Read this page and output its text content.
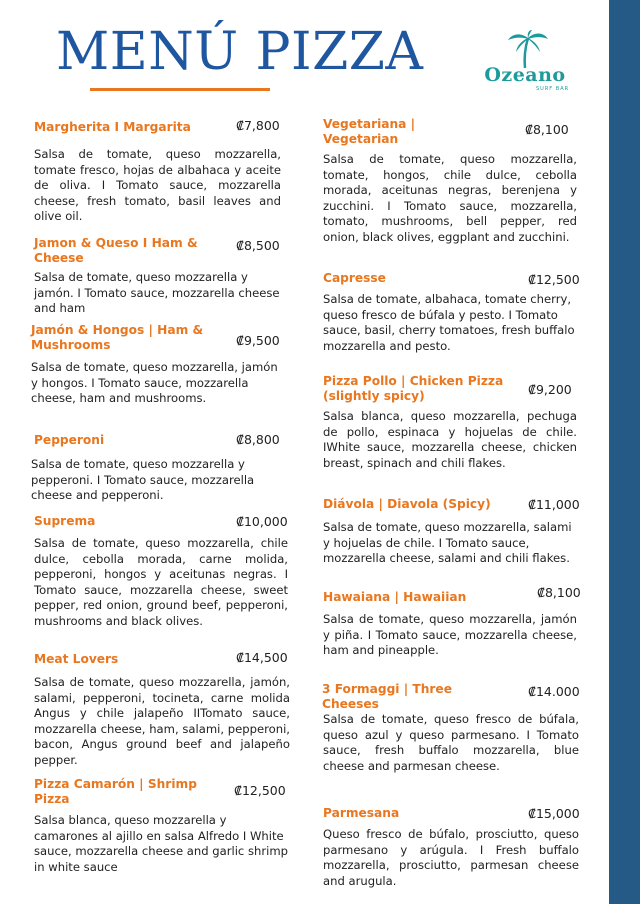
MENÚ PIZZA	Ozeano
SURF BAR
Margherita I Margarita	₡7,800

Salsa de tomate, queso mozzarella, tomate fresco, hojas de albahaca y aceite de oliva. I Tomato sauce, mozzarella cheese, fresh tomato, basil leaves and olive oil.

Jamon & Queso I Ham & Cheese
₡8,500

Salsa de tomate, queso mozzarella y jamón. I Tomato sauce, mozzarella cheese and ham

Jamón & Hongos | Ham & Mushrooms	₡9,500

Salsa de tomate, queso mozzarella, jamón y hongos. I Tomato sauce, mozzarella cheese, ham and mushrooms.

Pepperoni	₡8,800

Salsa de tomate, queso mozzarella y pepperoni. I Tomato sauce, mozzarella cheese and pepperoni.

Suprema	₡10,000

Salsa de tomate, queso mozzarella, chile dulce, cebolla morada, carne molida, pepperoni, hongos y aceitunas negras. I Tomato sauce, mozzarella cheese, sweet pepper, red onion, ground beef, pepperoni, mushrooms and black olives.

Meat Lovers	₡14,500

Salsa de tomate, queso mozzarella, jamón, salami, pepperoni, tocineta, carne molida Angus y chile jalapeño IITomato sauce, mozzarella cheese, ham, salami, pepperoni, bacon, Angus ground beef and jalapeño pepper.

Pizza Camarón | Shrimp Pizza
₡12,500

Salsa blanca, queso mozzarella y camarones al ajillo en salsa Alfredo I White sauce, mozzarella cheese and garlic shrimp in white sauce

Vegetariana | Vegetarian
₡8,100

Salsa de tomate, queso mozzarella, tomate, hongos, chile dulce, cebolla morada, aceitunas negras, berenjena y zucchini. I Tomato sauce, mozzarella, tomato, mushrooms, bell pepper, red onion, black olives, eggplant and zucchini.

Capresse	₡12,500

Salsa de tomate, albahaca, tomate cherry, queso fresco de búfala y pesto. I Tomato sauce, basil, cherry tomatoes, fresh buffalo mozzarella and pesto.

Pizza Pollo | Chicken Pizza (slightly spicy)	₡9,200

Salsa blanca, queso mozzarella, pechuga de pollo, espinaca y hojuelas de chile. IWhite sauce, mozzarella cheese, chicken breast, spinach and chili flakes.

Diávola | Diavola (Spicy)	₡11,000

Salsa de tomate, queso mozzarella, salami y hojuelas de chile. I Tomato sauce, mozzarella cheese, salami and chili flakes.

Hawaiana | Hawaiian	₡8,100

Salsa de tomate, queso mozzarella, jamón y piña. I Tomato sauce, mozzarella cheese, ham and pineapple.

3 Formaggi | Three Cheeses
₡14.000

Salsa de tomate, queso fresco de búfala, queso azul y queso parmesano. I Tomato sauce, fresh buffalo mozzarella, blue cheese and parmesan cheese.

Parmesana	₡15,000

Queso fresco de búfalo, prosciutto, queso parmesano y arúgula. I Fresh buffalo mozzarella, prosciutto, parmesan cheese and arugula.
